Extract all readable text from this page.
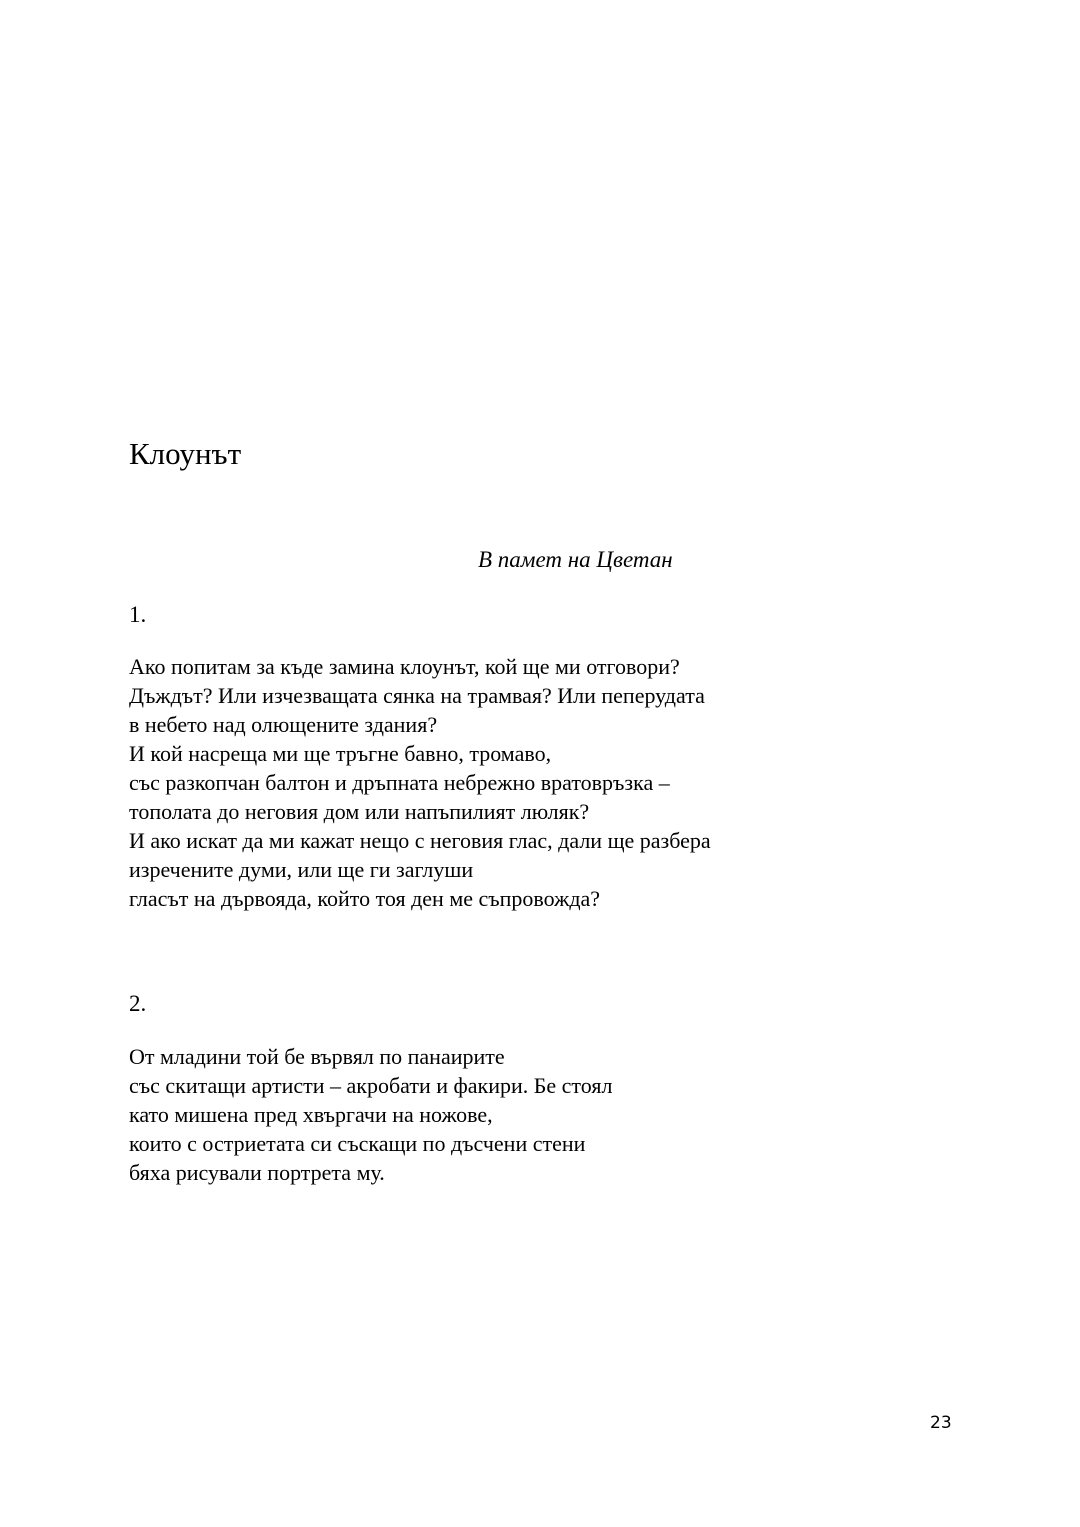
Клоунът
В памет на Цветан
1.
Ако попитам за къде замина клоунът, кой ще ми отговори?
Дъждът? Или изчезващата сянка на трамвая? Или пеперудата
в небето над олющените здания?
И кой насреща ми ще тръгне бавно, тромаво,
със разкопчан балтон и дръпната небрежно вратовръзка –
тополата до неговия дом или напъпилият люляк?
И ако искат да ми кажат нещо с неговия глас, дали ще разбера
изречените думи, или ще ги заглуши
гласът на дървояда, който тоя ден ме съпровожда?
2.
От младини той бе вървял по панаирите
със скитащи артисти – акробати и факири. Бе стоял
като мишена пред хвъргачи на ножове,
които с остриетата си съскащи по дъсчени стени
бяха рисували портрета му.
23
